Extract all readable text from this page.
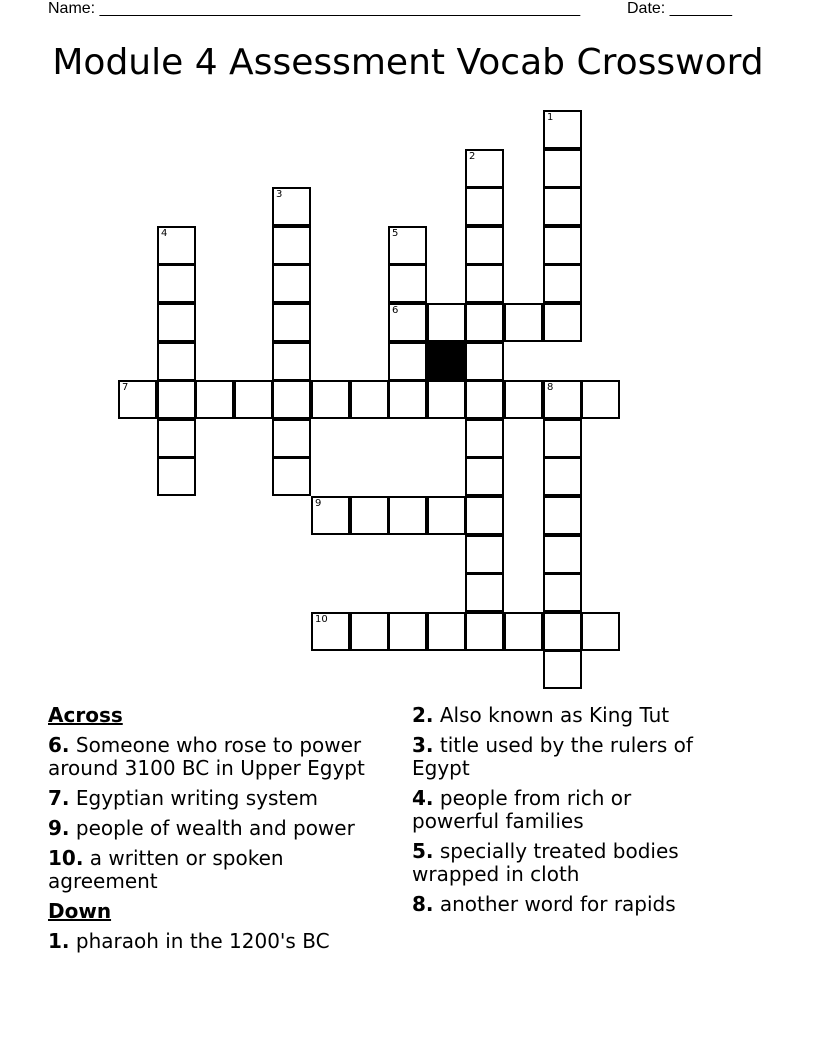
Name: ______________________________________________________	Date: _______
Module 4 Assessment Vocab Crossword
1
2
3
4	5
6
7	8
9
10
Across
6. Someone who rose to power around 3100 BC in Upper Egypt
7. Egyptian writing system
9. people of wealth and power
10. a written or spoken agreement
Down
1. pharaoh in the 1200's BC
2. Also known as King Tut
3. title used by the rulers of Egypt
4. people from rich or powerful families
5. specially treated bodies wrapped in cloth
8. another word for rapids
